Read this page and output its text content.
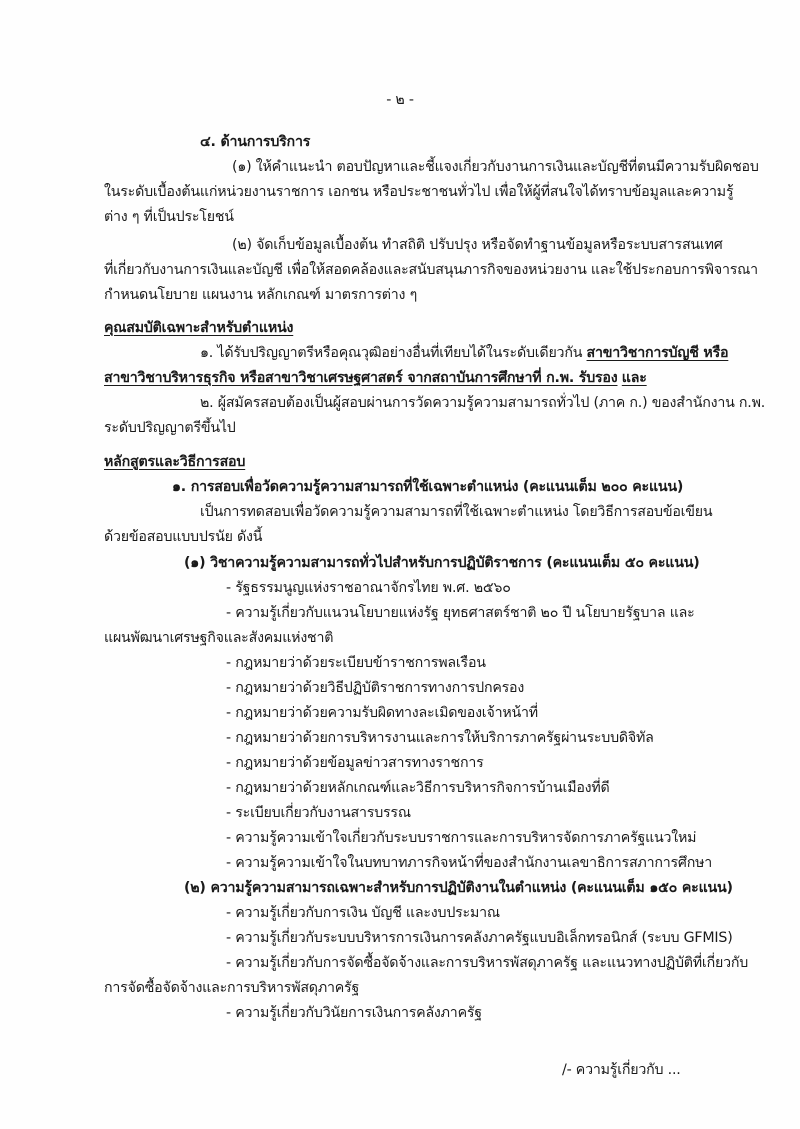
- ๒ -
๔. ด้านการบริการ
(๑) ให้คำแนะนำ ตอบปัญหาและชี้แจงเกี่ยวกับงานการเงินและบัญชีที่ตนมีความรับผิดชอบ
ในระดับเบื้องต้นแก่หน่วยงานราชการ เอกชน หรือประชาชนทั่วไป เพื่อให้ผู้ที่สนใจได้ทราบข้อมูลและความรู้
ต่าง ๆ ที่เป็นประโยชน์
(๒) จัดเก็บข้อมูลเบื้องต้น ทำสถิติ ปรับปรุง หรือจัดทำฐานข้อมูลหรือระบบสารสนเทศ
ที่เกี่ยวกับงานการเงินและบัญชี เพื่อให้สอดคล้องและสนับสนุนภารกิจของหน่วยงาน และใช้ประกอบการพิจารณา
กำหนดนโยบาย แผนงาน หลักเกณฑ์ มาตรการต่าง ๆ
คุณสมบัติเฉพาะสำหรับตำแหน่ง
๑. ได้รับปริญญาตรีหรือคุณวุฒิอย่างอื่นที่เทียบได้ในระดับเดียวกัน สาขาวิชาการบัญชี หรือ
สาขาวิชาบริหารธุรกิจ หรือสาขาวิชาเศรษฐศาสตร์ จากสถาบันการศึกษาที่ ก.พ. รับรอง และ
๒. ผู้สมัครสอบต้องเป็นผู้สอบผ่านการวัดความรู้ความสามารถทั่วไป (ภาค ก.) ของสำนักงาน ก.พ.
ระดับปริญญาตรีขึ้นไป
หลักสูตรและวิธีการสอบ
๑. การสอบเพื่อวัดความรู้ความสามารถที่ใช้เฉพาะตำแหน่ง (คะแนนเต็ม ๒๐๐ คะแนน)
เป็นการทดสอบเพื่อวัดความรู้ความสามารถที่ใช้เฉพาะตำแหน่ง โดยวิธีการสอบข้อเขียน
ด้วยข้อสอบแบบปรนัย ดังนี้
(๑) วิชาความรู้ความสามารถทั่วไปสำหรับการปฏิบัติราชการ (คะแนนเต็ม ๕๐ คะแนน)
- รัฐธรรมนูญแห่งราชอาณาจักรไทย พ.ศ. ๒๕๖๐
- ความรู้เกี่ยวกับแนวนโยบายแห่งรัฐ ยุทธศาสตร์ชาติ ๒๐ ปี นโยบายรัฐบาล และ
แผนพัฒนาเศรษฐกิจและสังคมแห่งชาติ
- กฎหมายว่าด้วยระเบียบข้าราชการพลเรือน
- กฎหมายว่าด้วยวิธีปฏิบัติราชการทางการปกครอง
- กฎหมายว่าด้วยความรับผิดทางละเมิดของเจ้าหน้าที่
- กฎหมายว่าด้วยการบริหารงานและการให้บริการภาครัฐผ่านระบบดิจิทัล
- กฎหมายว่าด้วยข้อมูลข่าวสารทางราชการ
- กฎหมายว่าด้วยหลักเกณฑ์และวิธีการบริหารกิจการบ้านเมืองที่ดี
- ระเบียบเกี่ยวกับงานสารบรรณ
- ความรู้ความเข้าใจเกี่ยวกับระบบราชการและการบริหารจัดการภาครัฐแนวใหม่
- ความรู้ความเข้าใจในบทบาทภารกิจหน้าที่ของสำนักงานเลขาธิการสภาการศึกษา
(๒) ความรู้ความสามารถเฉพาะสำหรับการปฏิบัติงานในตำแหน่ง (คะแนนเต็ม ๑๕๐ คะแนน)
- ความรู้เกี่ยวกับการเงิน บัญชี และงบประมาณ
- ความรู้เกี่ยวกับระบบบริหารการเงินการคลังภาครัฐแบบอิเล็กทรอนิกส์ (ระบบ GFMIS)
- ความรู้เกี่ยวกับการจัดซื้อจัดจ้างและการบริหารพัสดุภาครัฐ และแนวทางปฏิบัติที่เกี่ยวกับ
การจัดซื้อจัดจ้างและการบริหารพัสดุภาครัฐ
- ความรู้เกี่ยวกับวินัยการเงินการคลังภาครัฐ
/- ความรู้เกี่ยวกับ ...
